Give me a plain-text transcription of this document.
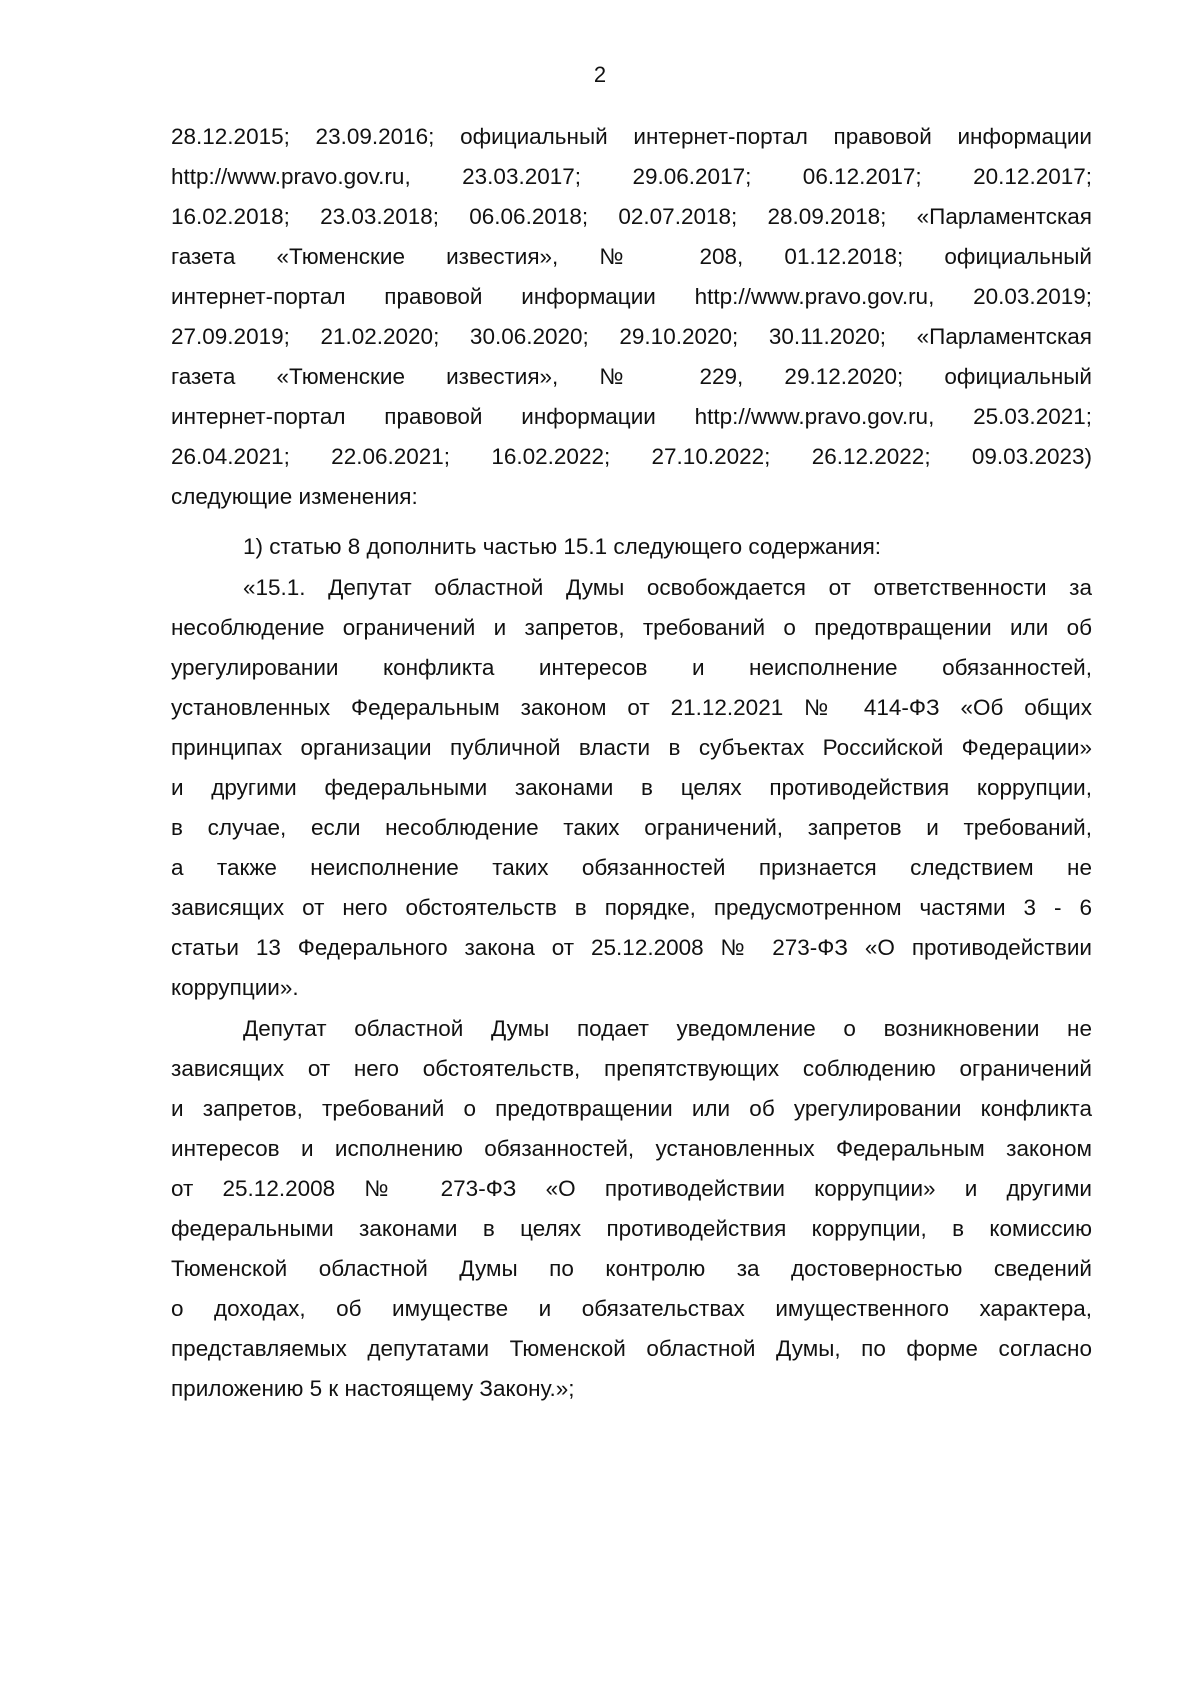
2
28.12.2015; 23.09.2016; официальный интернет-портал правовой информации
http://www.pravo.gov.ru, 23.03.2017; 29.06.2017; 06.12.2017; 20.12.2017;
16.02.2018; 23.03.2018; 06.06.2018; 02.07.2018; 28.09.2018; «Парламентская
газета «Тюменские известия», № 208, 01.12.2018; официальный
интернет-портал правовой информации http://www.pravo.gov.ru, 20.03.2019;
27.09.2019; 21.02.2020; 30.06.2020; 29.10.2020; 30.11.2020; «Парламентская
газета «Тюменские известия», № 229, 29.12.2020; официальный
интернет-портал правовой информации http://www.pravo.gov.ru, 25.03.2021;
26.04.2021; 22.06.2021; 16.02.2022; 27.10.2022; 26.12.2022; 09.03.2023)
следующие изменения:
1) статью 8 дополнить частью 15.1 следующего содержания:
«15.1. Депутат областной Думы освобождается от ответственности за
несоблюдение ограничений и запретов, требований о предотвращении или об
урегулировании конфликта интересов и неисполнение обязанностей,
установленных Федеральным законом от 21.12.2021 № 414-ФЗ «Об общих
принципах организации публичной власти в субъектах Российской Федерации»
и другими федеральными законами в целях противодействия коррупции,
в случае, если несоблюдение таких ограничений, запретов и требований,
а также неисполнение таких обязанностей признается следствием не
зависящих от него обстоятельств в порядке, предусмотренном частями 3 - 6
статьи 13 Федерального закона от 25.12.2008 № 273-ФЗ «О противодействии
коррупции».
Депутат областной Думы подает уведомление о возникновении не
зависящих от него обстоятельств, препятствующих соблюдению ограничений
и запретов, требований о предотвращении или об урегулировании конфликта
интересов и исполнению обязанностей, установленных Федеральным законом
от 25.12.2008 № 273-ФЗ «О противодействии коррупции» и другими
федеральными законами в целях противодействия коррупции, в комиссию
Тюменской областной Думы по контролю за достоверностью сведений
о доходах, об имуществе и обязательствах имущественного характера,
представляемых депутатами Тюменской областной Думы, по форме согласно
приложению 5 к настоящему Закону.»;
